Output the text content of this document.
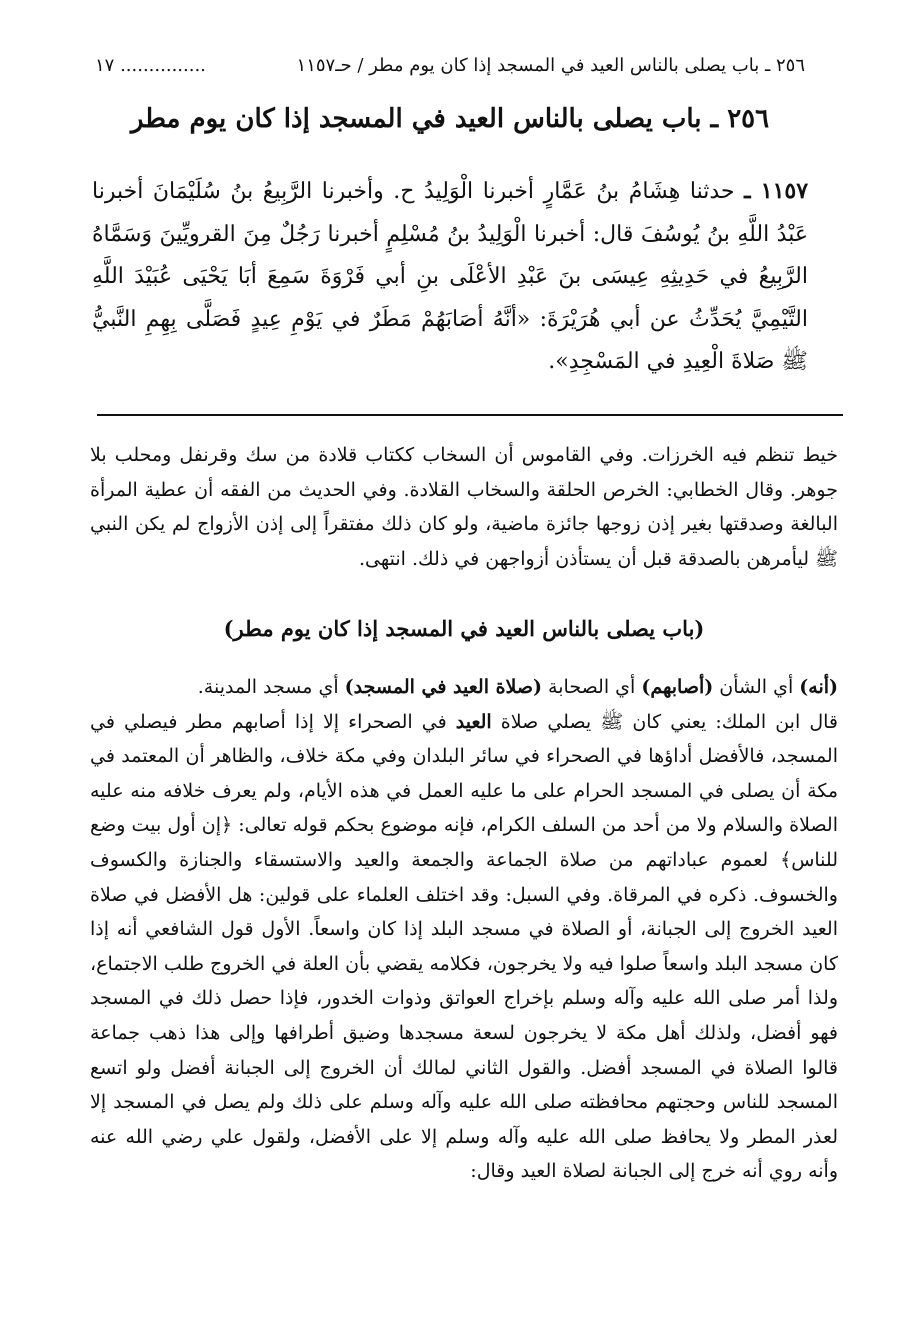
٢٥٦ ـ باب يصلى بالناس العيد في المسجد إذا كان يوم مطر / حـ١١٥٧
............... ١٧
٢٥٦ ـ باب يصلى بالناس العيد في المسجد إذا كان يوم مطر
١١٥٧ ـ حدثنا هِشَامُ بنُ عَمَّارٍ أخبرنا الْوَلِيدُ ح. وأخبرنا الرَّبِيعُ بنُ سُلَيْمَانَ أخبرنا عَبْدُ اللَّهِ بنُ يُوسُفَ قال: أخبرنا الْوَلِيدُ بنُ مُسْلِمٍ أخبرنا رَجُلٌ مِنَ القرويِّينَ وَسَمَّاهُ الرَّبِيعُ في حَدِيثِهِ عِيسَى بنَ عَبْدِ الأعْلَى بنِ أبي فَرْوَةَ سَمِعَ أبَا يَحْيَى عُبَيْدَ اللَّهِ التَّيْمِيَّ يُحَدِّثُ عن أبي هُرَيْرَةَ: «أنَّهُ أصَابَهُمْ مَطَرٌ في يَوْمِ عِيدٍ فَصَلَّى بِهِمِ النَّبيُّ ﷺ صَلاةَ الْعِيدِ في المَسْجِدِ».
خيط تنظم فيه الخرزات. وفي القاموس أن السخاب ككتاب قلادة من سك وقرنفل ومحلب بلا جوهر. وقال الخطابي: الخرص الحلقة والسخاب القلادة. وفي الحديث من الفقه أن عطية المرأة البالغة وصدقتها بغير إذن زوجها جائزة ماضية، ولو كان ذلك مفتقراً إلى إذن الأزواج لم يكن النبي ﷺ ليأمرهن بالصدقة قبل أن يستأذن أزواجهن في ذلك. انتهى.
(باب يصلى بالناس العيد في المسجد إذا كان يوم مطر)
(أنه) أي الشأن (أصابهم) أي الصحابة (صلاة العيد في المسجد) أي مسجد المدينة.
قال ابن الملك: يعني كان ﷺ يصلي صلاة العيد في الصحراء إلا إذا أصابهم مطر فيصلي في المسجد، فالأفضل أداؤها في الصحراء في سائر البلدان وفي مكة خلاف، والظاهر أن المعتمد في مكة أن يصلى في المسجد الحرام على ما عليه العمل في هذه الأيام، ولم يعرف خلافه منه عليه الصلاة والسلام ولا من أحد من السلف الكرام، فإنه موضوع بحكم قوله تعالى: ﴿إن أول بيت وضع للناس﴾ لعموم عباداتهم من صلاة الجماعة والجمعة والعيد والاستسقاء والجنازة والكسوف والخسوف. ذكره في المرقاة. وفي السبل: وقد اختلف العلماء على قولين: هل الأفضل في صلاة العيد الخروج إلى الجبانة، أو الصلاة في مسجد البلد إذا كان واسعاً. الأول قول الشافعي أنه إذا كان مسجد البلد واسعاً صلوا فيه ولا يخرجون، فكلامه يقضي بأن العلة في الخروج طلب الاجتماع، ولذا أمر صلى الله عليه وآله وسلم بإخراج العواتق وذوات الخدور، فإذا حصل ذلك في المسجد فهو أفضل، ولذلك أهل مكة لا يخرجون لسعة مسجدها وضيق أطرافها وإلى هذا ذهب جماعة قالوا الصلاة في المسجد أفضل. والقول الثاني لمالك أن الخروج إلى الجبانة أفضل ولو اتسع المسجد للناس وحجتهم محافظته صلى الله عليه وآله وسلم على ذلك ولم يصل في المسجد إلا لعذر المطر ولا يحافظ صلى الله عليه وآله وسلم إلا على الأفضل، ولقول علي رضي الله عنه وأنه روي أنه خرج إلى الجبانة لصلاة العيد وقال:
